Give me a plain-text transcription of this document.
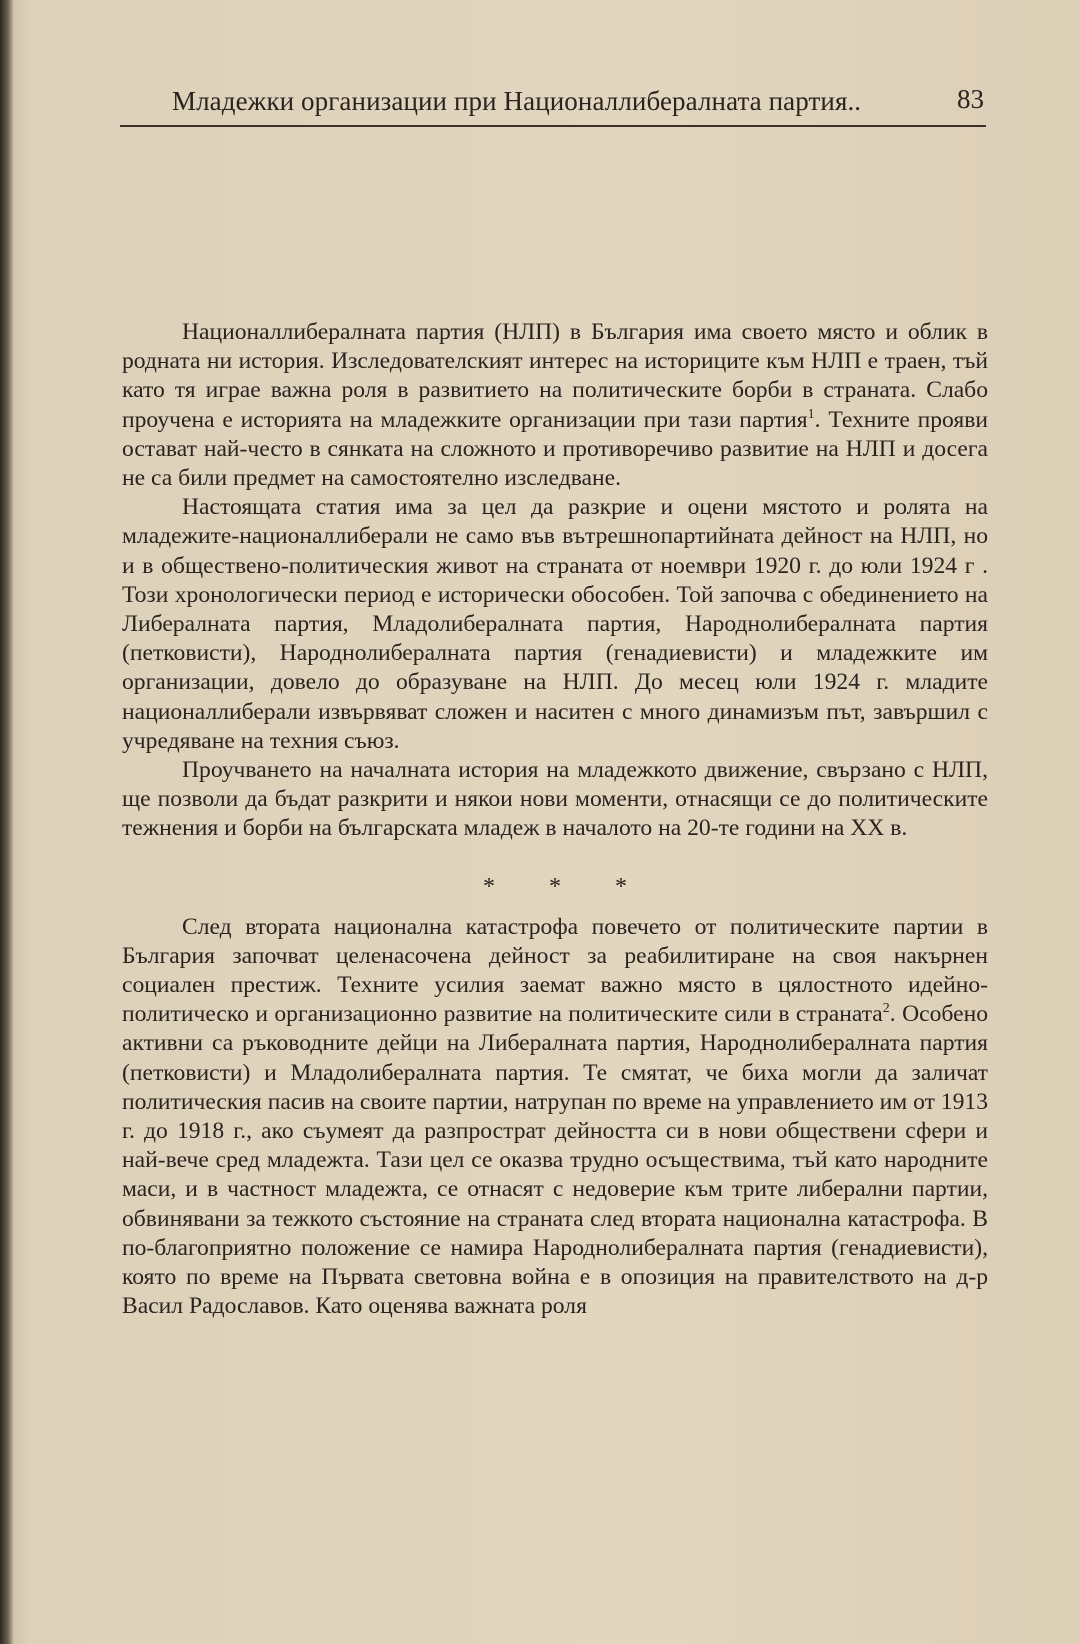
Младежки организации при Националлибералната партия..	83

Националлибералната партия (НЛП) в България има своето място и облик в родната ни история. Изследователският интерес на историците към НЛП е траен, тъй като тя играе важна роля в развитието на политическите борби в страната. Слабо проучена е историята на младежките организации при тази партия$^1$. Техните прояви остават най-често в сянката на сложното и противоречиво развитие на НЛП и досега не са били предмет на самостоятелно изследване.

Настоящата статия има за цел да разкрие и оцени мястото и ролята на младежите-националлиберали не само във вътрешнопартийната дейност на НЛП, но и в обществено-политическия живот на страната от ноември 1920 г. до юли 1924 г . Този хронологически период е исторически обособен. Той започва с обединението на Либералната партия, Младолибералната партия, Народнолибералната партия (петковисти), Народнолибералната партия (генадиевисти) и младежките им организации, довело до образуване на НЛП. До месец юли 1924 г. младите националлиберали извървяват сложен и наситен с много динамизъм път, завършил с учредяване на техния съюз.

Проучването на началната история на младежкото движение, свързано с НЛП, ще позволи да бъдат разкрити и някои нови моменти, отнасящи се до политическите тежнения и борби на българската младеж в началото на 20-те години на XX в.

* * *

След втората национална катастрофа повечето от политическите партии в България започват целенасочена дейност за реабилитиране на своя накърнен социален престиж. Техните усилия заемат важно място в цялостното идейно-политическо и организационно развитие на политическите сили в страната$^2$. Особено активни са ръководните дейци на Либералната партия, Народнолибералната партия (петковисти) и Младолибералната партия. Те смятат, че биха могли да заличат политическия пасив на своите партии, натрупан по време на управлението им от 1913 г. до 1918 г., ако съумеят да разпрострат дейността си в нови обществени сфери и най-вече сред младежта. Тази цел се оказва трудно осъществима, тъй като народните маси, и в частност младежта, се отнасят с недоверие към трите либерални партии, обвинявани за тежкото състояние на страната след втората национална катастрофа. В по-благоприятно положение се намира Народнолибералната партия (генадиевисти), която по време на Първата световна война е в опозиция на правителството на д-р Васил Радославов. Като оценява важната роля
